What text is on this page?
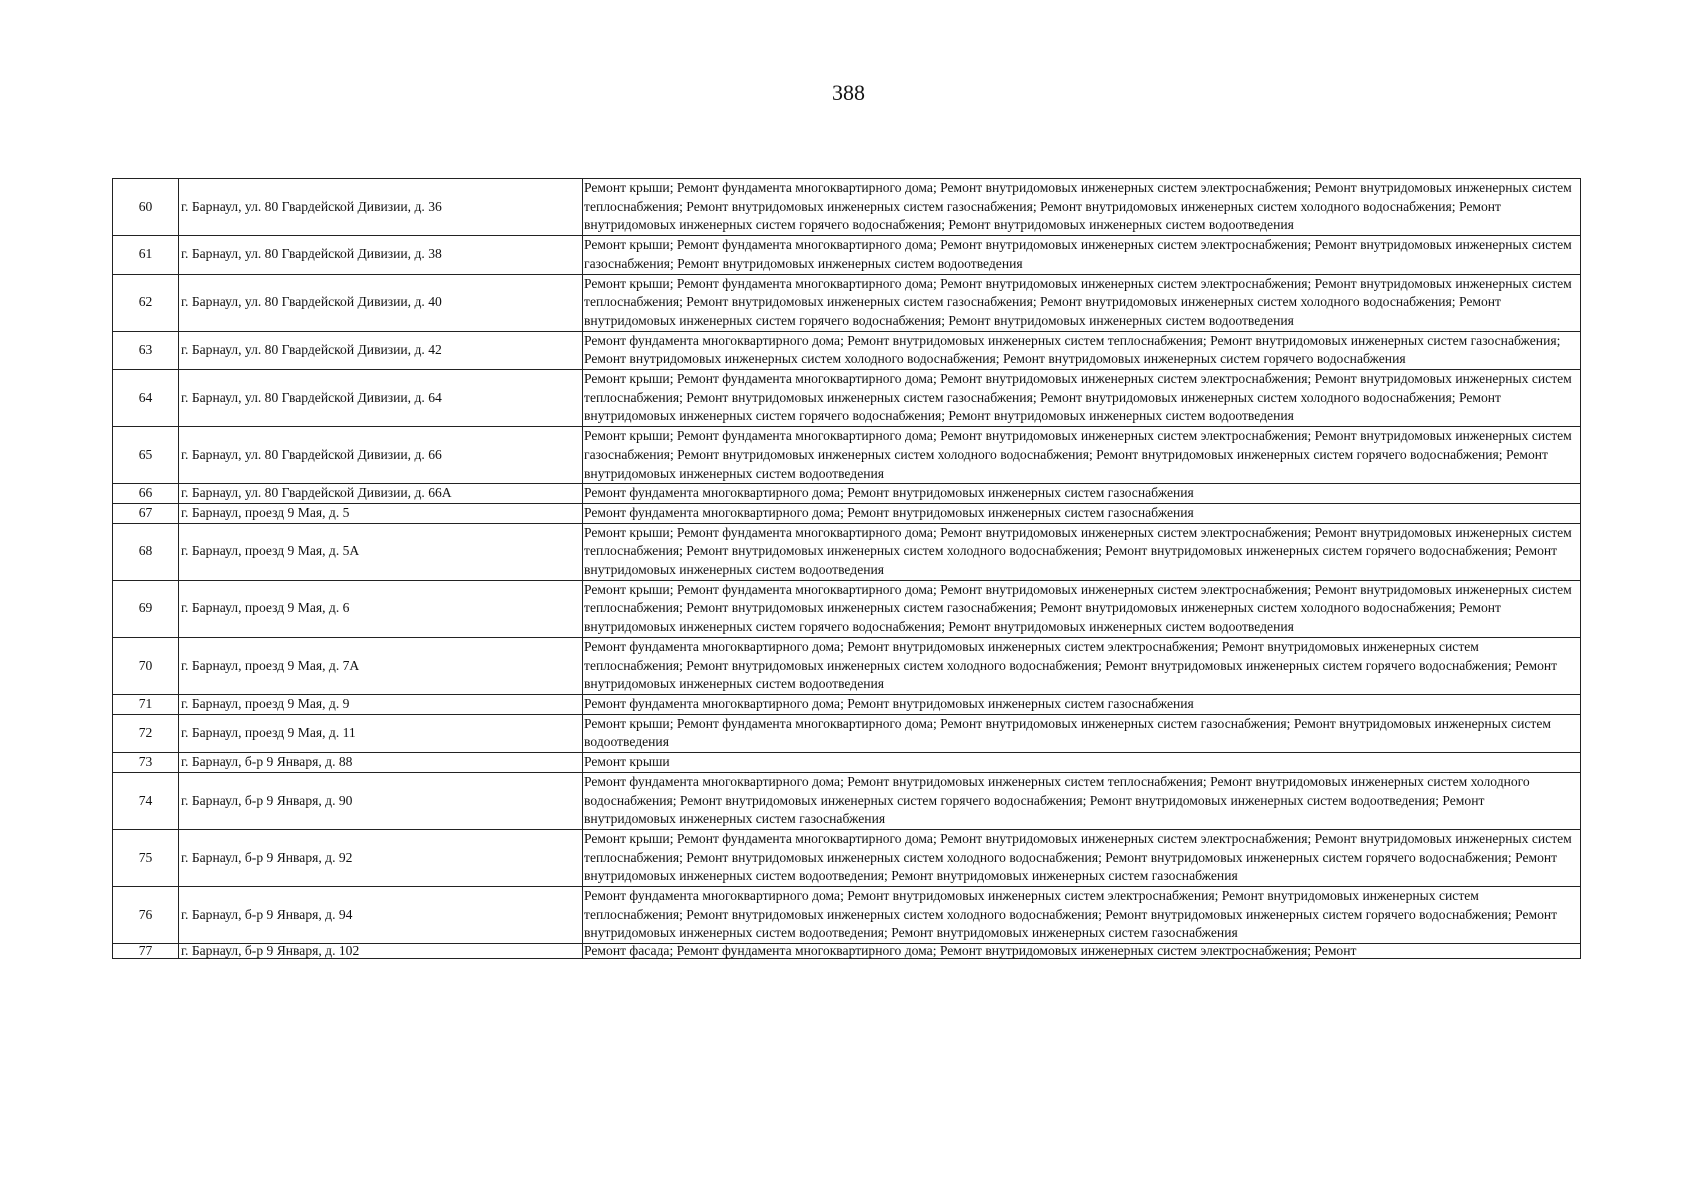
388
60	г. Барнаул, ул. 80 Гвардейской Дивизии, д. 36	Ремонт крыши; Ремонт фундамента многоквартирного дома; Ремонт внутридомовых инженерных систем электроснабжения; Ремонт внутридомовых инженерных систем теплоснабжения; Ремонт внутридомовых инженерных систем газоснабжения; Ремонт внутридомовых инженерных систем холодного водоснабжения; Ремонт внутридомовых инженерных систем горячего водоснабжения; Ремонт внутридомовых инженерных систем водоотведения
61	г. Барнаул, ул. 80 Гвардейской Дивизии, д. 38	Ремонт крыши; Ремонт фундамента многоквартирного дома; Ремонт внутридомовых инженерных систем электроснабжения; Ремонт внутридомовых инженерных систем газоснабжения; Ремонт внутридомовых инженерных систем водоотведения
62	г. Барнаул, ул. 80 Гвардейской Дивизии, д. 40	Ремонт крыши; Ремонт фундамента многоквартирного дома; Ремонт внутридомовых инженерных систем электроснабжения; Ремонт внутридомовых инженерных систем теплоснабжения; Ремонт внутридомовых инженерных систем газоснабжения; Ремонт внутридомовых инженерных систем холодного водоснабжения; Ремонт внутридомовых инженерных систем горячего водоснабжения; Ремонт внутридомовых инженерных систем водоотведения
63	г. Барнаул, ул. 80 Гвардейской Дивизии, д. 42	Ремонт фундамента многоквартирного дома; Ремонт внутридомовых инженерных систем теплоснабжения; Ремонт внутридомовых инженерных систем газоснабжения; Ремонт внутридомовых инженерных систем холодного водоснабжения; Ремонт внутридомовых инженерных систем горячего водоснабжения
64	г. Барнаул, ул. 80 Гвардейской Дивизии, д. 64	Ремонт крыши; Ремонт фундамента многоквартирного дома; Ремонт внутридомовых инженерных систем электроснабжения; Ремонт внутридомовых инженерных систем теплоснабжения; Ремонт внутридомовых инженерных систем газоснабжения; Ремонт внутридомовых инженерных систем холодного водоснабжения; Ремонт внутридомовых инженерных систем горячего водоснабжения; Ремонт внутридомовых инженерных систем водоотведения
65	г. Барнаул, ул. 80 Гвардейской Дивизии, д. 66	Ремонт крыши; Ремонт фундамента многоквартирного дома; Ремонт внутридомовых инженерных систем электроснабжения; Ремонт внутридомовых инженерных систем газоснабжения; Ремонт внутридомовых инженерных систем холодного водоснабжения; Ремонт внутридомовых инженерных систем горячего водоснабжения; Ремонт внутридомовых инженерных систем водоотведения
66	г. Барнаул, ул. 80 Гвардейской Дивизии, д. 66А	Ремонт фундамента многоквартирного дома; Ремонт внутридомовых инженерных систем газоснабжения
67	г. Барнаул, проезд 9 Мая, д. 5	Ремонт фундамента многоквартирного дома; Ремонт внутридомовых инженерных систем газоснабжения
68	г. Барнаул, проезд 9 Мая, д. 5А	Ремонт крыши; Ремонт фундамента многоквартирного дома; Ремонт внутридомовых инженерных систем электроснабжения; Ремонт внутридомовых инженерных систем теплоснабжения; Ремонт внутридомовых инженерных систем холодного водоснабжения; Ремонт внутридомовых инженерных систем горячего водоснабжения; Ремонт внутридомовых инженерных систем водоотведения
69	г. Барнаул, проезд 9 Мая, д. 6	Ремонт крыши; Ремонт фундамента многоквартирного дома; Ремонт внутридомовых инженерных систем электроснабжения; Ремонт внутридомовых инженерных систем теплоснабжения; Ремонт внутридомовых инженерных систем газоснабжения; Ремонт внутридомовых инженерных систем холодного водоснабжения; Ремонт внутридомовых инженерных систем горячего водоснабжения; Ремонт внутридомовых инженерных систем водоотведения
70	г. Барнаул, проезд 9 Мая, д. 7А	Ремонт фундамента многоквартирного дома; Ремонт внутридомовых инженерных систем электроснабжения; Ремонт внутридомовых инженерных систем теплоснабжения; Ремонт внутридомовых инженерных систем холодного водоснабжения; Ремонт внутридомовых инженерных систем горячего водоснабжения; Ремонт внутридомовых инженерных систем водоотведения
71	г. Барнаул, проезд 9 Мая, д. 9	Ремонт фундамента многоквартирного дома; Ремонт внутридомовых инженерных систем газоснабжения
72	г. Барнаул, проезд 9 Мая, д. 11	Ремонт крыши; Ремонт фундамента многоквартирного дома; Ремонт внутридомовых инженерных систем газоснабжения; Ремонт внутридомовых инженерных систем водоотведения
73	г. Барнаул, б-р 9 Января, д. 88	Ремонт крыши
74	г. Барнаул, б-р 9 Января, д. 90	Ремонт фундамента многоквартирного дома; Ремонт внутридомовых инженерных систем теплоснабжения; Ремонт внутридомовых инженерных систем холодного водоснабжения; Ремонт внутридомовых инженерных систем горячего водоснабжения; Ремонт внутридомовых инженерных систем водоотведения; Ремонт внутридомовых инженерных систем газоснабжения
75	г. Барнаул, б-р 9 Января, д. 92	Ремонт крыши; Ремонт фундамента многоквартирного дома; Ремонт внутридомовых инженерных систем электроснабжения; Ремонт внутридомовых инженерных систем теплоснабжения; Ремонт внутридомовых инженерных систем холодного водоснабжения; Ремонт внутридомовых инженерных систем горячего водоснабжения; Ремонт внутридомовых инженерных систем водоотведения; Ремонт внутридомовых инженерных систем газоснабжения
76	г. Барнаул, б-р 9 Января, д. 94	Ремонт фундамента многоквартирного дома; Ремонт внутридомовых инженерных систем электроснабжения; Ремонт внутридомовых инженерных систем теплоснабжения; Ремонт внутридомовых инженерных систем холодного водоснабжения; Ремонт внутридомовых инженерных систем горячего водоснабжения; Ремонт внутридомовых инженерных систем водоотведения; Ремонт внутридомовых инженерных систем газоснабжения
77	г. Барнаул, б-р 9 Января, д. 102	Ремонт фасада; Ремонт фундамента многоквартирного дома; Ремонт внутридомовых инженерных систем электроснабжения; Ремонт
